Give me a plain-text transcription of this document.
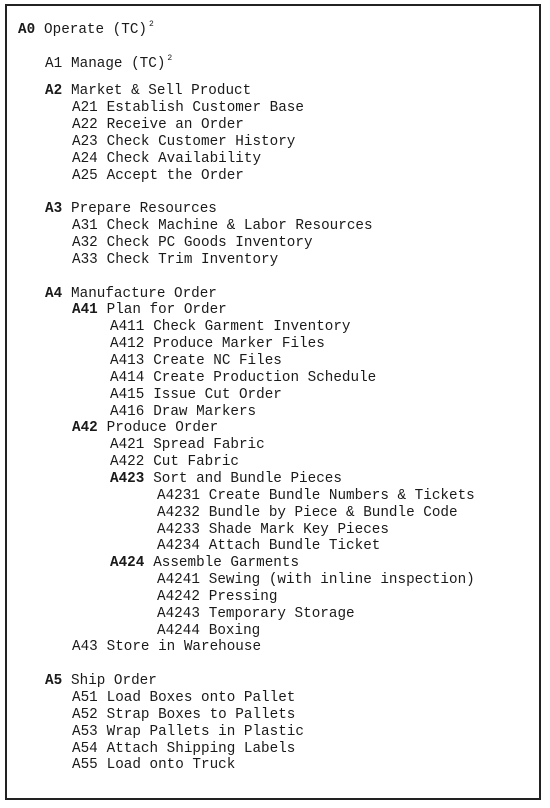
A0 Operate (TC) $^2$
A1 Manage (TC) $^2$
A2 Market & Sell Product
A21 Establish Customer Base
A22 Receive an Order
A23 Check Customer History
A24 Check Availability
A25 Accept the Order
A3 Prepare Resources
A31 Check Machine & Labor Resources
A32 Check PC Goods Inventory
A33 Check Trim Inventory
A4 Manufacture Order
A41 Plan for Order
A411 Check Garment Inventory
A412 Produce Marker Files
A413 Create NC Files
A414 Create Production Schedule
A415 Issue Cut Order
A416 Draw Markers
A42 Produce Order
A421 Spread Fabric
A422 Cut Fabric
A423 Sort and Bundle Pieces
A4231 Create Bundle Numbers & Tickets
A4232 Bundle by Piece & Bundle Code
A4233 Shade Mark Key Pieces
A4234 Attach Bundle Ticket
A424 Assemble Garments
A4241 Sewing (with inline inspection)
A4242 Pressing
A4243 Temporary Storage
A4244 Boxing
A43 Store in Warehouse
A5 Ship Order
A51 Load Boxes onto Pallet
A52 Strap Boxes to Pallets
A53 Wrap Pallets in Plastic
A54 Attach Shipping Labels
A55 Load onto Truck
